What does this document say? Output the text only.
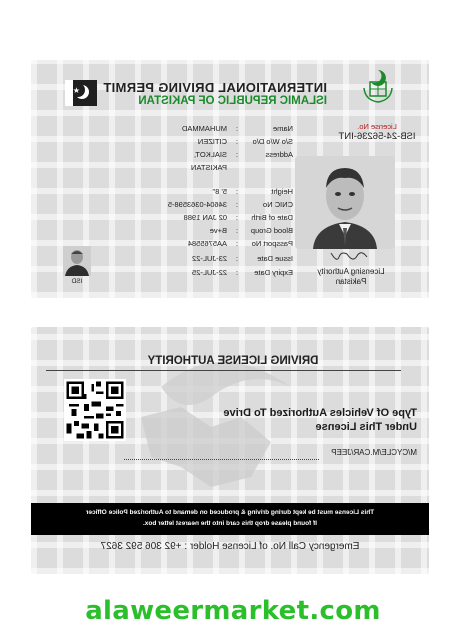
★ INTERNATIONAL DRIVING PERMIT
ISLAMIC REPUBLIC OF PAKISTAN
License No.
ISB-24-56236-INT
Licensing Authority
Pakistan
Name
:
MUHAMMAD
S/o W/o D/o
:
CITIZEN
Address
:
SIALKOT,
PAKISTAN
Height
:
5' 8"
CNIC No
:
34604-0363598-5
Date of Birth
:
02 JAN 1988
Blood Group
:
B+ve
Passport No
:
AA5765584
Issue Date
:
23-JUL-22
Expiry Date
:
22-JUL-25
ISD
DRIVING LICENSE AUTHORITY
Type Of Vehicles Authorized To Drive
Under This License
M/CYCLE/M.CAR/JEEP
This License must be kept during driving & produced on demand to Authorized Police Officer
If found please drop this card into the nearest letter box.
Emergency Call No. of License Holder : +92 306 592 3627
alaweermarket.com
